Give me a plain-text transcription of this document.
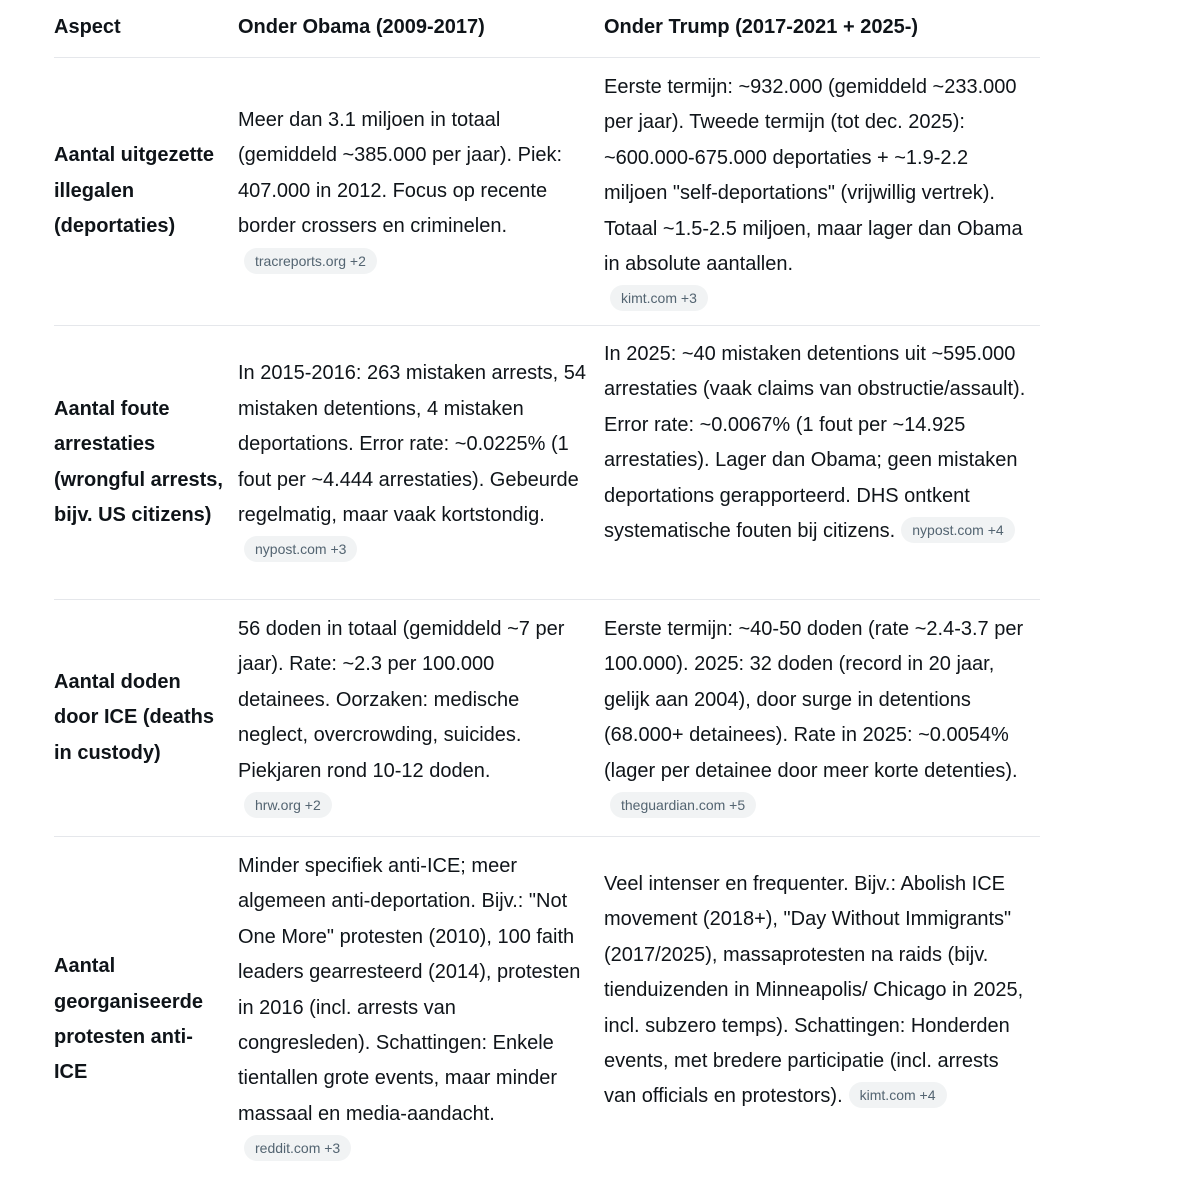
Aspect	Onder Obama (2009-2017)	Onder Trump (2017-2021 + 2025-)
Aantal uitgezette illegalen (deportaties)
Meer dan 3.1 miljoen in totaal (gemiddeld ~385.000 per jaar). Piek: 407.000 in 2012. Focus op recente border crossers en criminelen.
tracreports.org +2
Eerste termijn: ~932.000 (gemiddeld ~233.000 per jaar). Tweede termijn (tot dec. 2025): ~600.000-675.000 deportaties + ~1.9-2.2 miljoen "self-deportations" (vrijwillig vertrek). Totaal ~1.5-2.5 miljoen, maar lager dan Obama in absolute aantallen.
kimt.com +3
Aantal foute arrestaties (wrongful arrests, bijv. US citizens)
In 2015-2016: 263 mistaken arrests, 54 mistaken detentions, 4 mistaken deportations. Error rate: ~0.0225% (1 fout per ~4.444 arrestaties). Gebeurde regelmatig, maar vaak kortstondig.nypost.com +3
In 2025: ~40 mistaken detentions uit ~595.000 arrestaties (vaak claims van obstructie/assault). Error rate: ~0.0067% (1 fout per ~14.925 arrestaties). Lager dan Obama; geen mistaken deportations gerapporteerd. DHS ontkent systematische fouten bij citizens. nypost.com +4
Aantal doden door ICE (deaths in custody)
56 doden in totaal (gemiddeld ~7 per jaar). Rate: ~2.3 per 100.000 detainees. Oorzaken: medische neglect, overcrowding, suicides. Piekjaren rond 10-12 doden.
hrw.org +2
Eerste termijn: ~40-50 doden (rate ~2.4-3.7 per 100.000). 2025: 32 doden (record in 20 jaar, gelijk aan 2004), door surge in detentions (68.000+ detainees). Rate in 2025: ~0.0054% (lager per detainee door meer korte detenties).theguardian.com +5
Aantal georganiseerde protesten anti-ICE
Minder specifiek anti-ICE; meer algemeen anti-deportation. Bijv.: "Not One More" protesten (2010), 100 faith leaders gearresteerd (2014), protesten in 2016 (incl. arrests van congresleden). Schattingen: Enkele tientallen grote events, maar minder massaal en media-aandacht.reddit.com +3
Veel intenser en frequenter. Bijv.: Abolish ICE movement (2018+), "Day Without Immigrants" (2017/2025), massaprotesten na raids (bijv. tienduizenden in Minneapolis/ Chicago in 2025, incl. subzero temps). Schattingen: Honderden events, met bredere participatie (incl. arrests van officials en protestors). kimt.com +4
